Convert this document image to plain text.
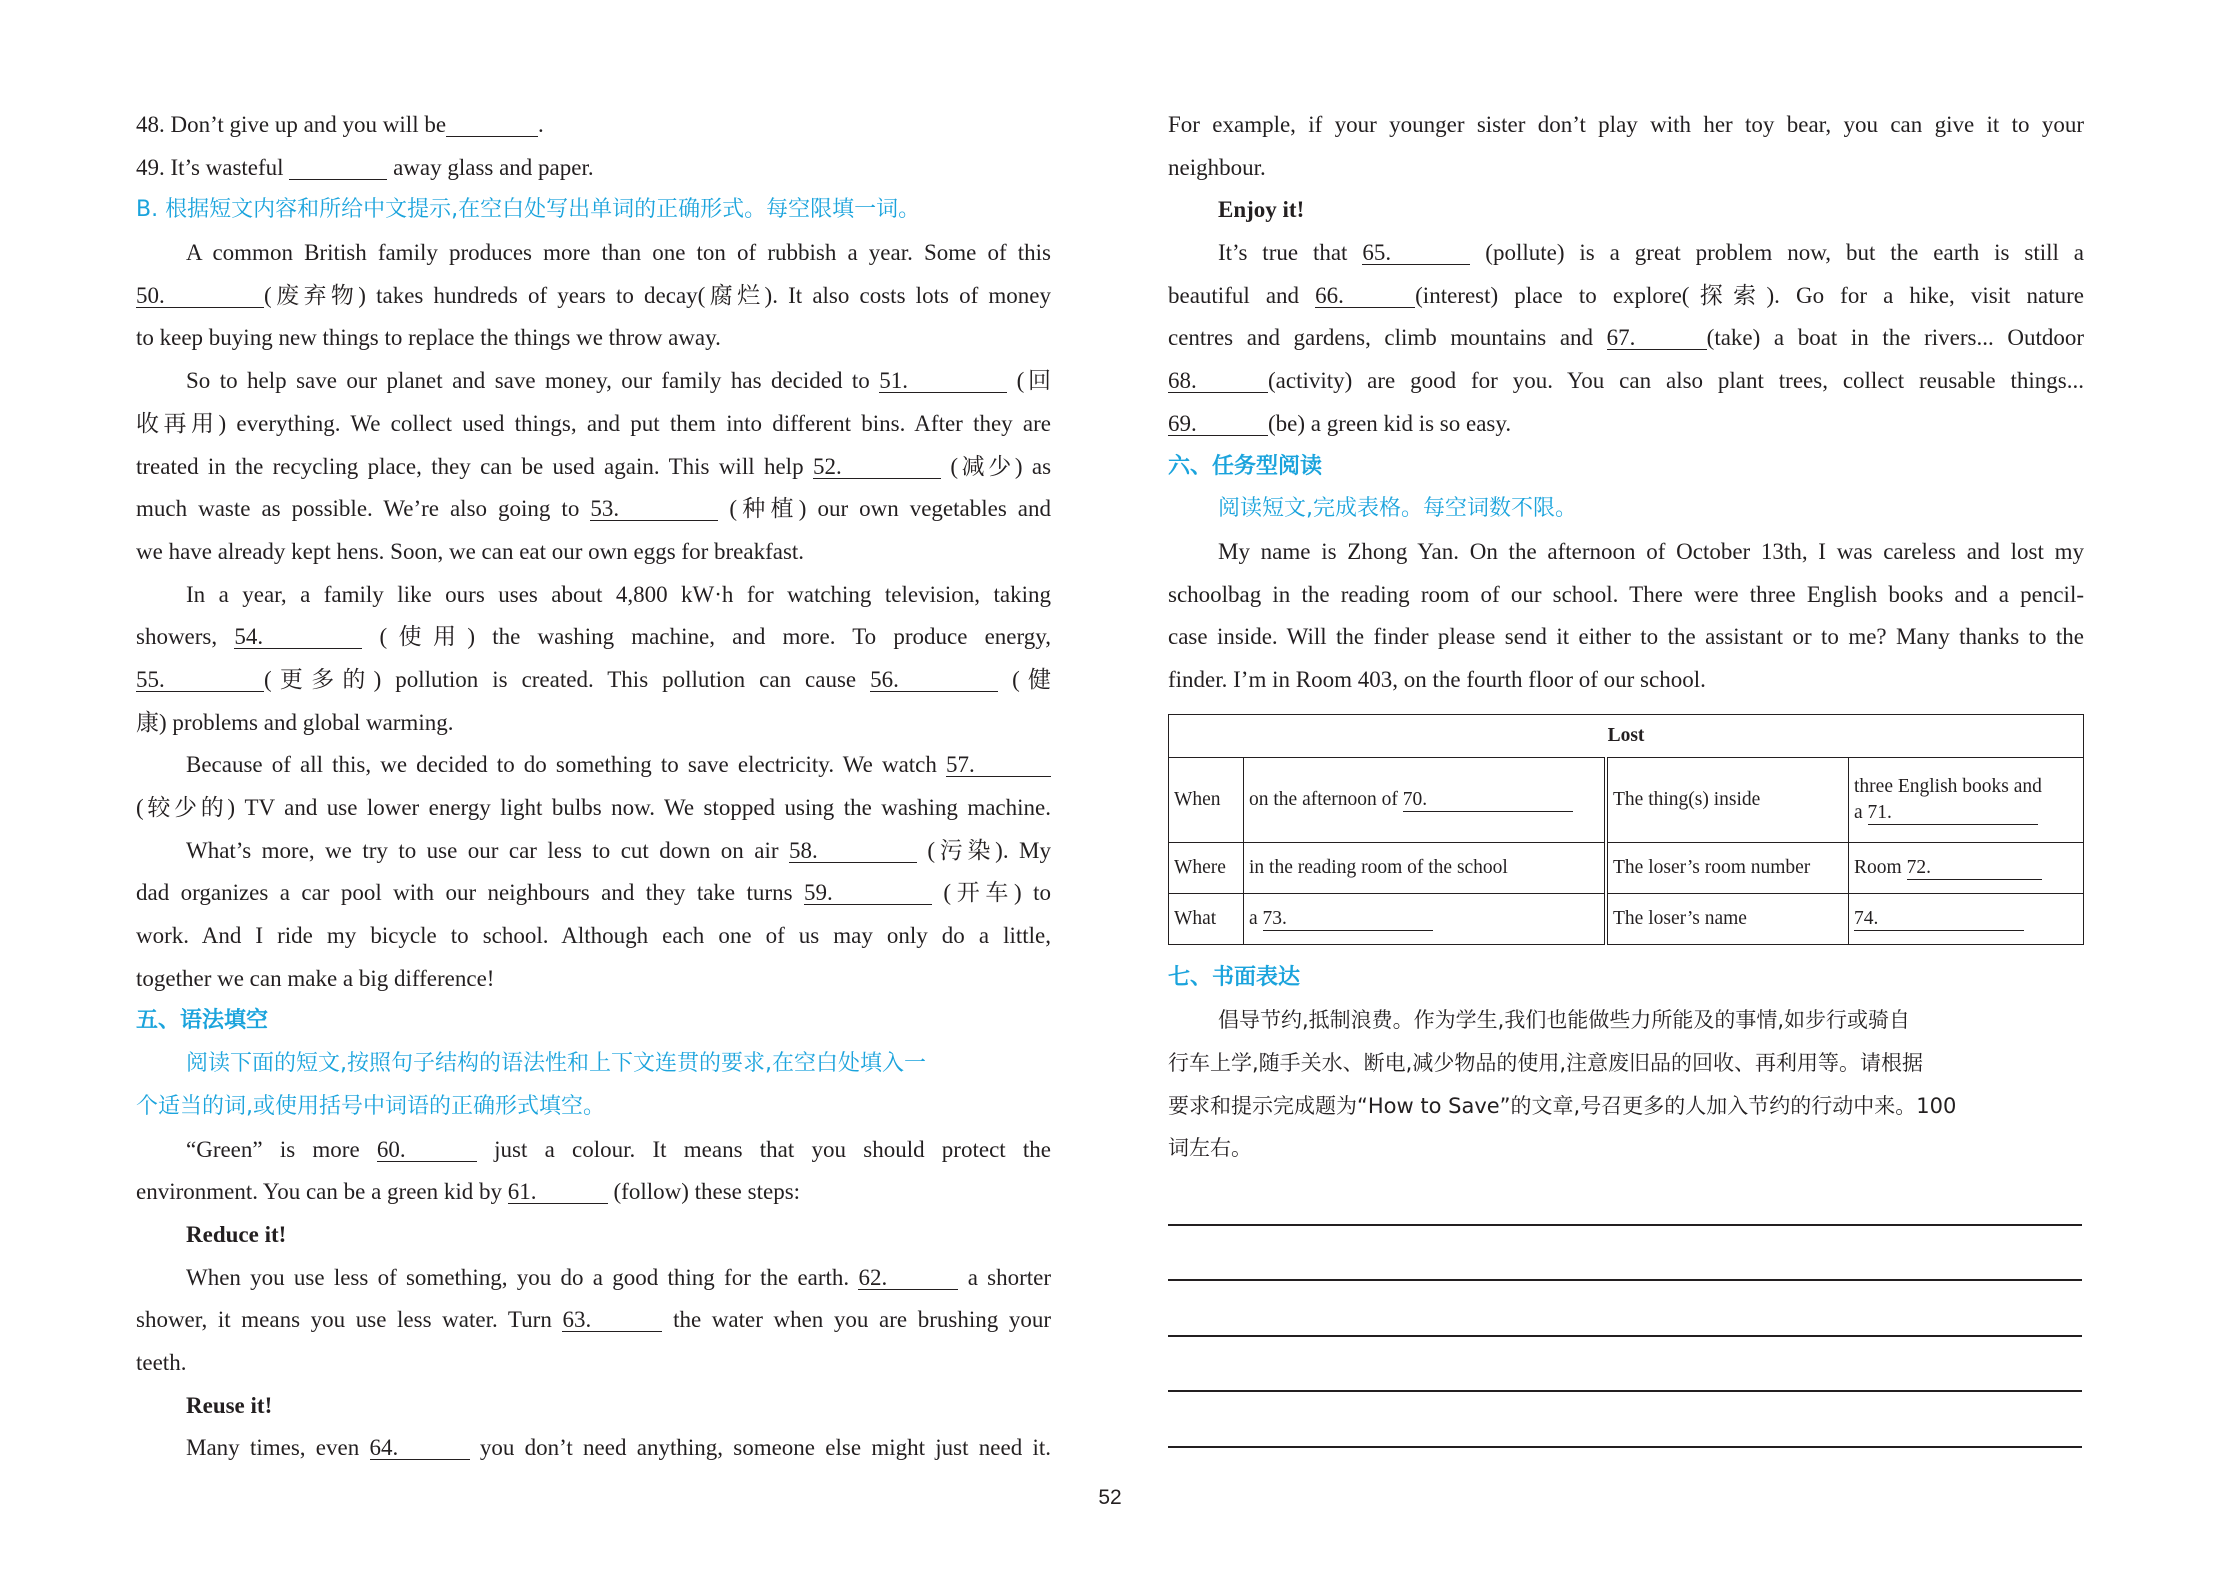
48. Don’t give up and you will be	.
49. It’s wasteful	away glass and paper.
B. 根据短文内容和所给中文提示,在空白处写出单词的正确形式。每空限填一词。
A common British family produces more than one ton of rubbish a year. Some of this
50.	(废弃物) takes hundreds of years to decay(腐烂). It also costs lots of money
to keep buying new things to replace the things we throw away.
So to help save our planet and save money, our family has decided to 51.	(回
收再用) everything. We collect used things, and put them into different bins. After they are
treated in the recycling place, they can be used again. This will help 52.	(减少) as
much waste as possible. We’re also going to 53.	(种植) our own vegetables and
we have already kept hens. Soon, we can eat our own eggs for breakfast.
In a year, a family like ours uses about 4,800 kW·h for watching television, taking
showers, 54.	(使用) the washing machine, and more. To produce energy,
55.	(更多的) pollution is created. This pollution can cause 56.	(健
康) problems and global warming.
Because of all this, we decided to do something to save electricity. We watch 57.
(较少的) TV and use lower energy light bulbs now. We stopped using the washing machine.
What’s more, we try to use our car less to cut down on air 58.	(污染). My
dad organizes a car pool with our neighbours and they take turns 59.	(开车) to
work. And I ride my bicycle to school. Although each one of us may only do a little,
together we can make a big difference!
五、语法填空
阅读下面的短文,按照句子结构的语法性和上下文连贯的要求,在空白处填入一
个适当的词,或使用括号中词语的正确形式填空。
“Green” is more 60.	just a colour. It means that you should protect the
environment. You can be a green kid by 61.	(follow) these steps:
Reduce it!
When you use less of something, you do a good thing for the earth. 62.	a shorter
shower, it means you use less water. Turn 63.	the water when you are brushing your
teeth.
Reuse it!
Many times, even 64.	you don’t need anything, someone else might just need it.
For example, if your younger sister don’t play with her toy bear, you can give it to your
neighbour.
Enjoy it!
It’s true that 65.	(pollute) is a great problem now, but the earth is still a
beautiful and 66.	(interest) place to explore(探索). Go for a hike, visit nature
centres and gardens, climb mountains and 67.	(take) a boat in the rivers... Outdoor
68.	(activity) are good for you. You can also plant trees, collect reusable things...
69.	(be) a green kid is so easy.
六、任务型阅读
阅读短文,完成表格。每空词数不限。
My name is Zhong Yan. On the afternoon of October 13th, I was careless and lost my
schoolbag in the reading room of our school. There were three English books and a pencil-
case inside. Will the finder please send it either to the assistant or to me? Many thanks to the
finder. I’m in Room 403, on the fourth floor of our school.
Lost			
When	on the afternoon of 70.	The thing(s) inside	three English books and
a 71.

Where	in the reading room of the school	The loser’s room number	Room 72.
What	a 73.	The loser’s name	74.
七、书面表达
倡导节约,抵制浪费。作为学生,我们也能做些力所能及的事情,如步行或骑自
行车上学,随手关水、断电,减少物品的使用,注意废旧品的回收、再利用等。请根据
要求和提示完成题为“How to Save”的文章,号召更多的人加入节约的行动中来。100
词左右。
52
